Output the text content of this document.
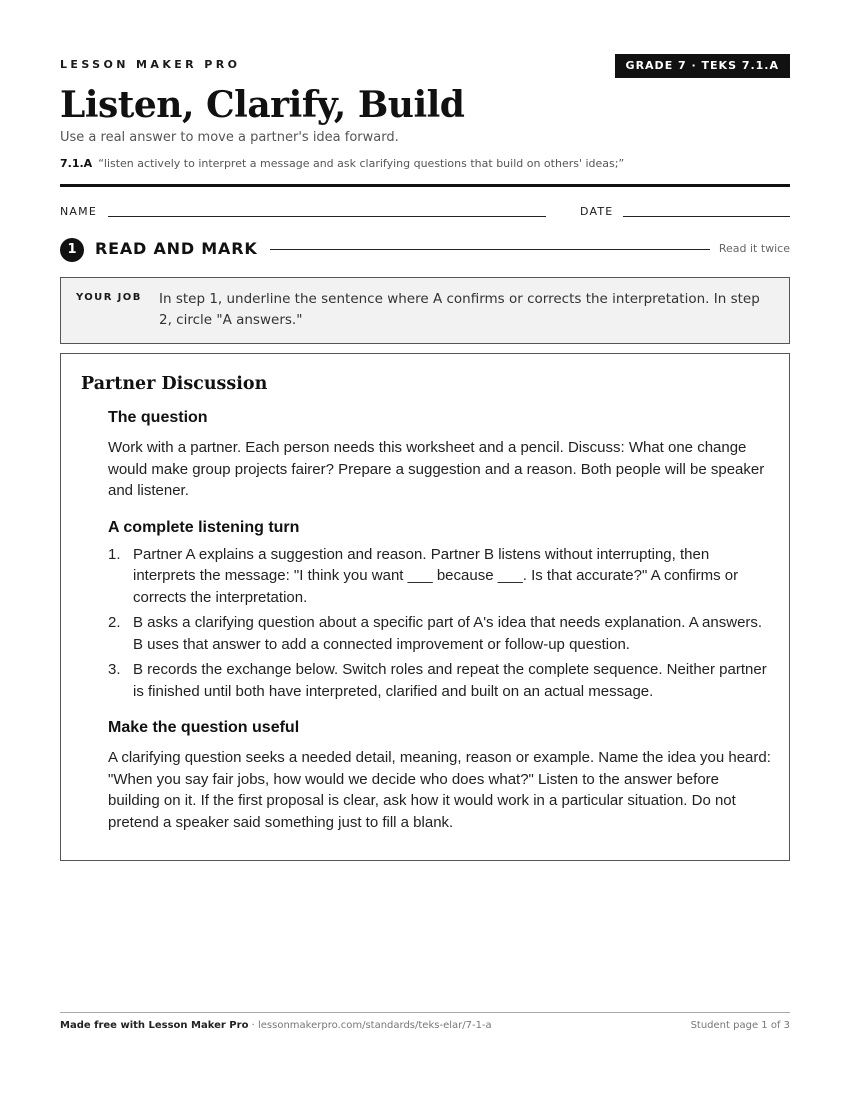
LESSON MAKER PRO	GRADE 7 · TEKS 7.1.A
Listen, Clarify, Build
Use a real answer to move a partner's idea forward.
7.1.A “listen actively to interpret a message and ask clarifying questions that build on others' ideas;”
NAME	DATE
1	READ AND MARK	Read it twice
YOUR JOB In step 1, underline the sentence where A confirms or corrects the interpretation. In step 2, circle "A answers."
Partner Discussion
The question

Work with a partner. Each person needs this worksheet and a pencil. Discuss: What one change would make group projects fairer? Prepare a suggestion and a reason. Both people will be speaker and listener.

A complete listening turn
1. Partner A explains a suggestion and reason. Partner B listens without interrupting, then interprets the message: "I think you want ___ because ___. Is that accurate?" A confirms or corrects the interpretation.
2. B asks a clarifying question about a specific part of A's idea that needs explanation. A answers. B uses that answer to add a connected improvement or follow-up question.
3. B records the exchange below. Switch roles and repeat the complete sequence. Neither partner is finished until both have interpreted, clarified and built on an actual message.
Make the question useful

A clarifying question seeks a needed detail, meaning, reason or example. Name the idea you heard: "When you say fair jobs, how would we decide who does what?" Listen to the answer before building on it. If the first proposal is clear, ask how it would work in a particular situation. Do not pretend a speaker said something just to fill a blank.

Made free with Lesson Maker Pro · lessonmakerpro.com/standards/teks-elar/7-1-a	Student page 1 of 3
